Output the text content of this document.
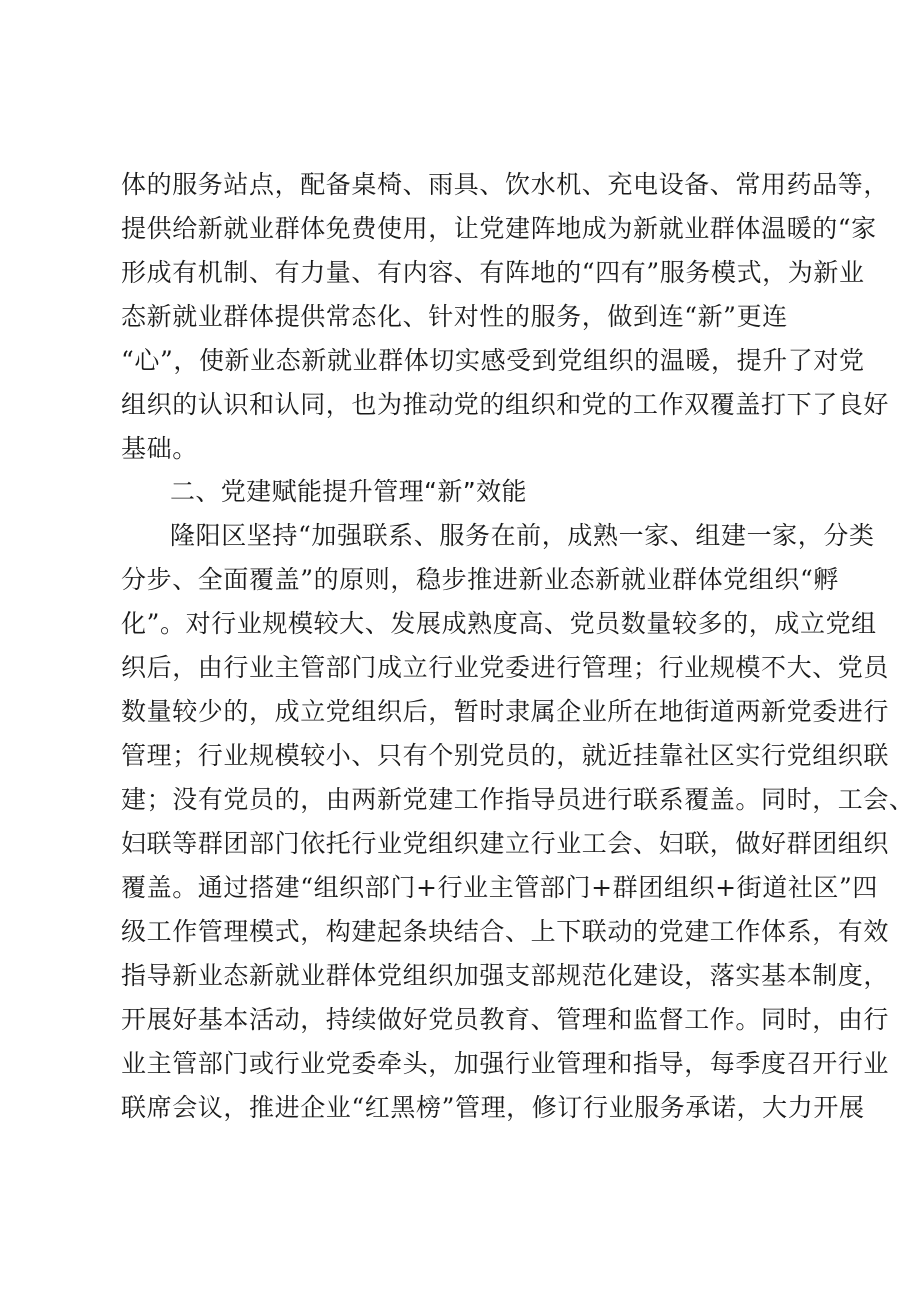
体的服务站点，配备桌椅、雨具、饮水机、充电设备、常用药品等，
提供给新就业群体免费使用，让党建阵地成为新就业群体温暖的“家
形成有机制、有力量、有内容、有阵地的“四有”服务模式，为新业
态新就业群体提供常态化、针对性的服务，做到连“新”更连
“心”，使新业态新就业群体切实感受到党组织的温暖，提升了对党
组织的认识和认同，也为推动党的组织和党的工作双覆盖打下了良好
基础。
二、党建赋能提升管理“新”效能
隆阳区坚持“加强联系、服务在前，成熟一家、组建一家，分类
分步、全面覆盖”的原则，稳步推进新业态新就业群体党组织“孵
化”。对行业规模较大、发展成熟度高、党员数量较多的，成立党组
织后，由行业主管部门成立行业党委进行管理；行业规模不大、党员
数量较少的，成立党组织后，暂时隶属企业所在地街道两新党委进行
管理；行业规模较小、只有个别党员的，就近挂靠社区实行党组织联
建；没有党员的，由两新党建工作指导员进行联系覆盖。同时，工会、
妇联等群团部门依托行业党组织建立行业工会、妇联，做好群团组织
覆盖。通过搭建“组织部门+行业主管部门+群团组织+街道社区”四
级工作管理模式，构建起条块结合、上下联动的党建工作体系，有效
指导新业态新就业群体党组织加强支部规范化建设，落实基本制度，
开展好基本活动，持续做好党员教育、管理和监督工作。同时，由行
业主管部门或行业党委牵头，加强行业管理和指导，每季度召开行业
联席会议，推进企业“红黑榜”管理，修订行业服务承诺，大力开展
